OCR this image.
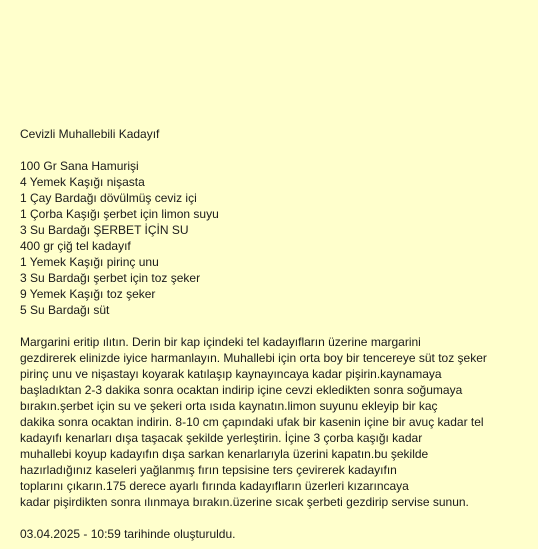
Cevizli Muhallebili Kadayıf
100 Gr Sana Hamurişi
4 Yemek Kaşığı nişasta
1 Çay Bardağı dövülmüş ceviz içi
1 Çorba Kaşığı şerbet için limon suyu
3 Su Bardağı ŞERBET İÇİN SU
400 gr çiğ tel kadayıf
1 Yemek Kaşığı pirinç unu
3 Su Bardağı şerbet için toz şeker
9 Yemek Kaşığı toz şeker
5 Su Bardağı süt
Margarini eritip ılıtın. Derin bir kap içindeki tel kadayıfların üzerine margarini
gezdirerek elinizde iyice harmanlayın. Muhallebi için orta boy bir tencereye süt toz şeker
pirinç unu ve nişastayı koyarak katılaşıp kaynayıncaya kadar pişirin.kaynamaya
başladıktan 2-3 dakika sonra ocaktan indirip içine cevzi ekledikten sonra soğumaya
bırakın.şerbet için su ve şekeri orta ısıda kaynatın.limon suyunu ekleyip bir kaç
dakika sonra ocaktan indirin. 8-10 cm çapındaki ufak bir kasenin içine bir avuç kadar tel
kadayıfı kenarları dışa taşacak şekilde yerleştirin. İçine 3 çorba kaşığı kadar
muhallebi koyup kadayıfın dışa sarkan kenarlarıyla üzerini kapatın.bu şekilde
hazırladığınız kaseleri yağlanmış fırın tepsisine ters çevirerek kadayıfın
toplarını çıkarın.175 derece ayarlı fırında kadayıfların üzerleri kızarıncaya
kadar pişirdikten sonra ılınmaya bırakın.üzerine sıcak şerbeti gezdirip servise sunun.
03.04.2025 - 10:59 tarihinde oluşturuldu.
